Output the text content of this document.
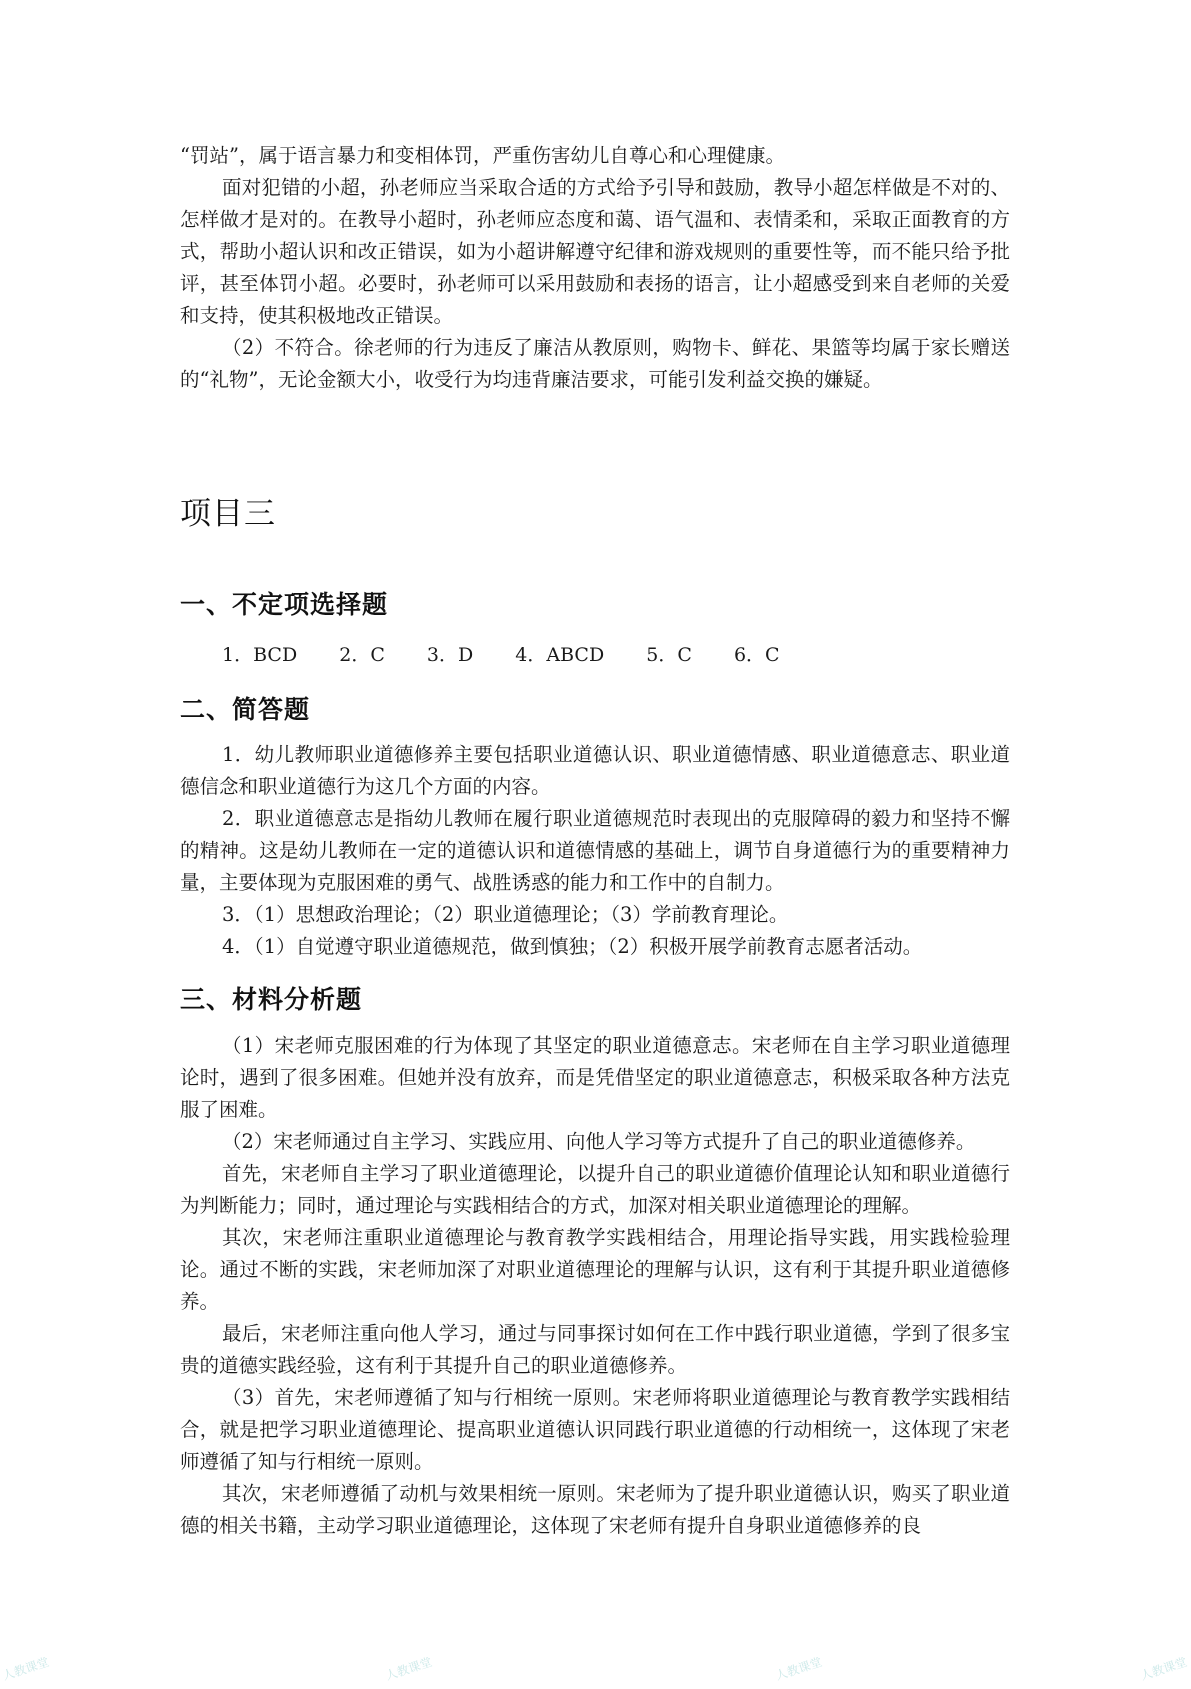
“罚站”，属于语言暴力和变相体罚，严重伤害幼儿自尊心和心理健康。

面对犯错的小超，孙老师应当采取合适的方式给予引导和鼓励，教导小超怎样做是不对的、怎样做才是对的。在教导小超时，孙老师应态度和蔼、语气温和、表情柔和，采取正面教育的方式，帮助小超认识和改正错误，如为小超讲解遵守纪律和游戏规则的重要性等，而不能只给予批评，甚至体罚小超。必要时，孙老师可以采用鼓励和表扬的语言，让小超感受到来自老师的关爱和支持，使其积极地改正错误。

（2）不符合。徐老师的行为违反了廉洁从教原则，购物卡、鲜花、果篮等均属于家长赠送的“礼物”，无论金额大小，收受行为均违背廉洁要求，可能引发利益交换的嫌疑。

项目三
一、不定项选择题
1．BCD 2．C 3．D 4．ABCD 5．C 6．C
二、简答题

1．幼儿教师职业道德修养主要包括职业道德认识、职业道德情感、职业道德意志、职业道德信念和职业道德行为这几个方面的内容。

2．职业道德意志是指幼儿教师在履行职业道德规范时表现出的克服障碍的毅力和坚持不懈的精神。这是幼儿教师在一定的道德认识和道德情感的基础上，调节自身道德行为的重要精神力量，主要体现为克服困难的勇气、战胜诱惑的能力和工作中的自制力。

3．（1）思想政治理论；（2）职业道德理论；（3）学前教育理论。

4．（1）自觉遵守职业道德规范，做到慎独；（2）积极开展学前教育志愿者活动。

三、材料分析题

（1）宋老师克服困难的行为体现了其坚定的职业道德意志。宋老师在自主学习职业道德理论时，遇到了很多困难。但她并没有放弃，而是凭借坚定的职业道德意志，积极采取各种方法克服了困难。

（2）宋老师通过自主学习、实践应用、向他人学习等方式提升了自己的职业道德修养。

首先，宋老师自主学习了职业道德理论，以提升自己的职业道德价值理论认知和职业道德行为判断能力；同时，通过理论与实践相结合的方式，加深对相关职业道德理论的理解。

其次，宋老师注重职业道德理论与教育教学实践相结合，用理论指导实践，用实践检验理论。通过不断的实践，宋老师加深了对职业道德理论的理解与认识，这有利于其提升职业道德修养。

最后，宋老师注重向他人学习，通过与同事探讨如何在工作中践行职业道德，学到了很多宝贵的道德实践经验，这有利于其提升自己的职业道德修养。

（3）首先，宋老师遵循了知与行相统一原则。宋老师将职业道德理论与教育教学实践相结合，就是把学习职业道德理论、提高职业道德认识同践行职业道德的行动相统一，这体现了宋老师遵循了知与行相统一原则。

其次，宋老师遵循了动机与效果相统一原则。宋老师为了提升职业道德认识，购买了职业道德的相关书籍，主动学习职业道德理论，这体现了宋老师有提升自身职业道德修养的良

人教课堂	人教课堂	人教课堂	人教课堂
